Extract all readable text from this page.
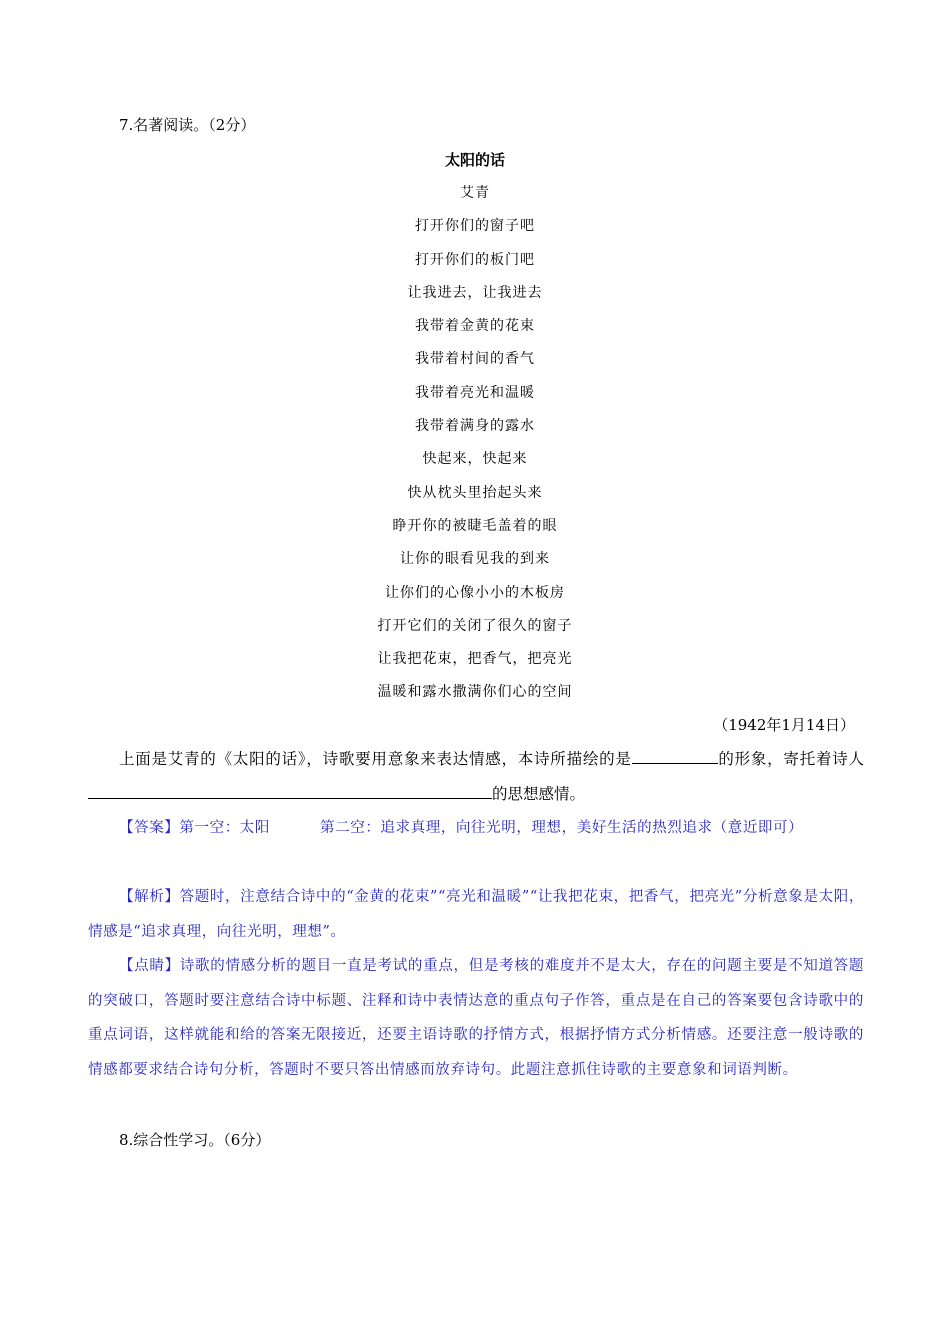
7.名著阅读。（2分）
太阳的话
艾青
打开你们的窗子吧
打开你们的板门吧
让我进去，让我进去
我带着金黄的花束
我带着村间的香气
我带着亮光和温暖
我带着满身的露水
快起来，快起来
快从枕头里抬起头来
睁开你的被睫毛盖着的眼
让你的眼看见我的到来
让你们的心像小小的木板房
打开它们的关闭了很久的窗子
让我把花束，把香气，把亮光
温暖和露水撒满你们心的空间
（1942年1月14日）
上面是艾青的《太阳的话》，诗歌要用意象来表达情感，本诗所描绘的是	的形象，寄托着诗人的思想感情。
【答案】第一空：太阳	第二空：追求真理，向往光明，理想，美好生活的热烈追求（意近即可）
【解析】答题时，注意结合诗中的“金黄的花束”“亮光和温暖”“让我把花束，把香气，把亮光”分析意象是太阳，情感是“追求真理，向往光明，理想”。
【点睛】诗歌的情感分析的题目一直是考试的重点，但是考核的难度并不是太大，存在的问题主要是不知道答题的突破口，答题时要注意结合诗中标题、注释和诗中表情达意的重点句子作答，重点是在自己的答案要包含诗歌中的重点词语，这样就能和给的答案无限接近，还要主语诗歌的抒情方式，根据抒情方式分析情感。还要注意一般诗歌的情感都要求结合诗句分析，答题时不要只答出情感而放弃诗句。此题注意抓住诗歌的主要意象和词语判断。
8.综合性学习。（6分）
